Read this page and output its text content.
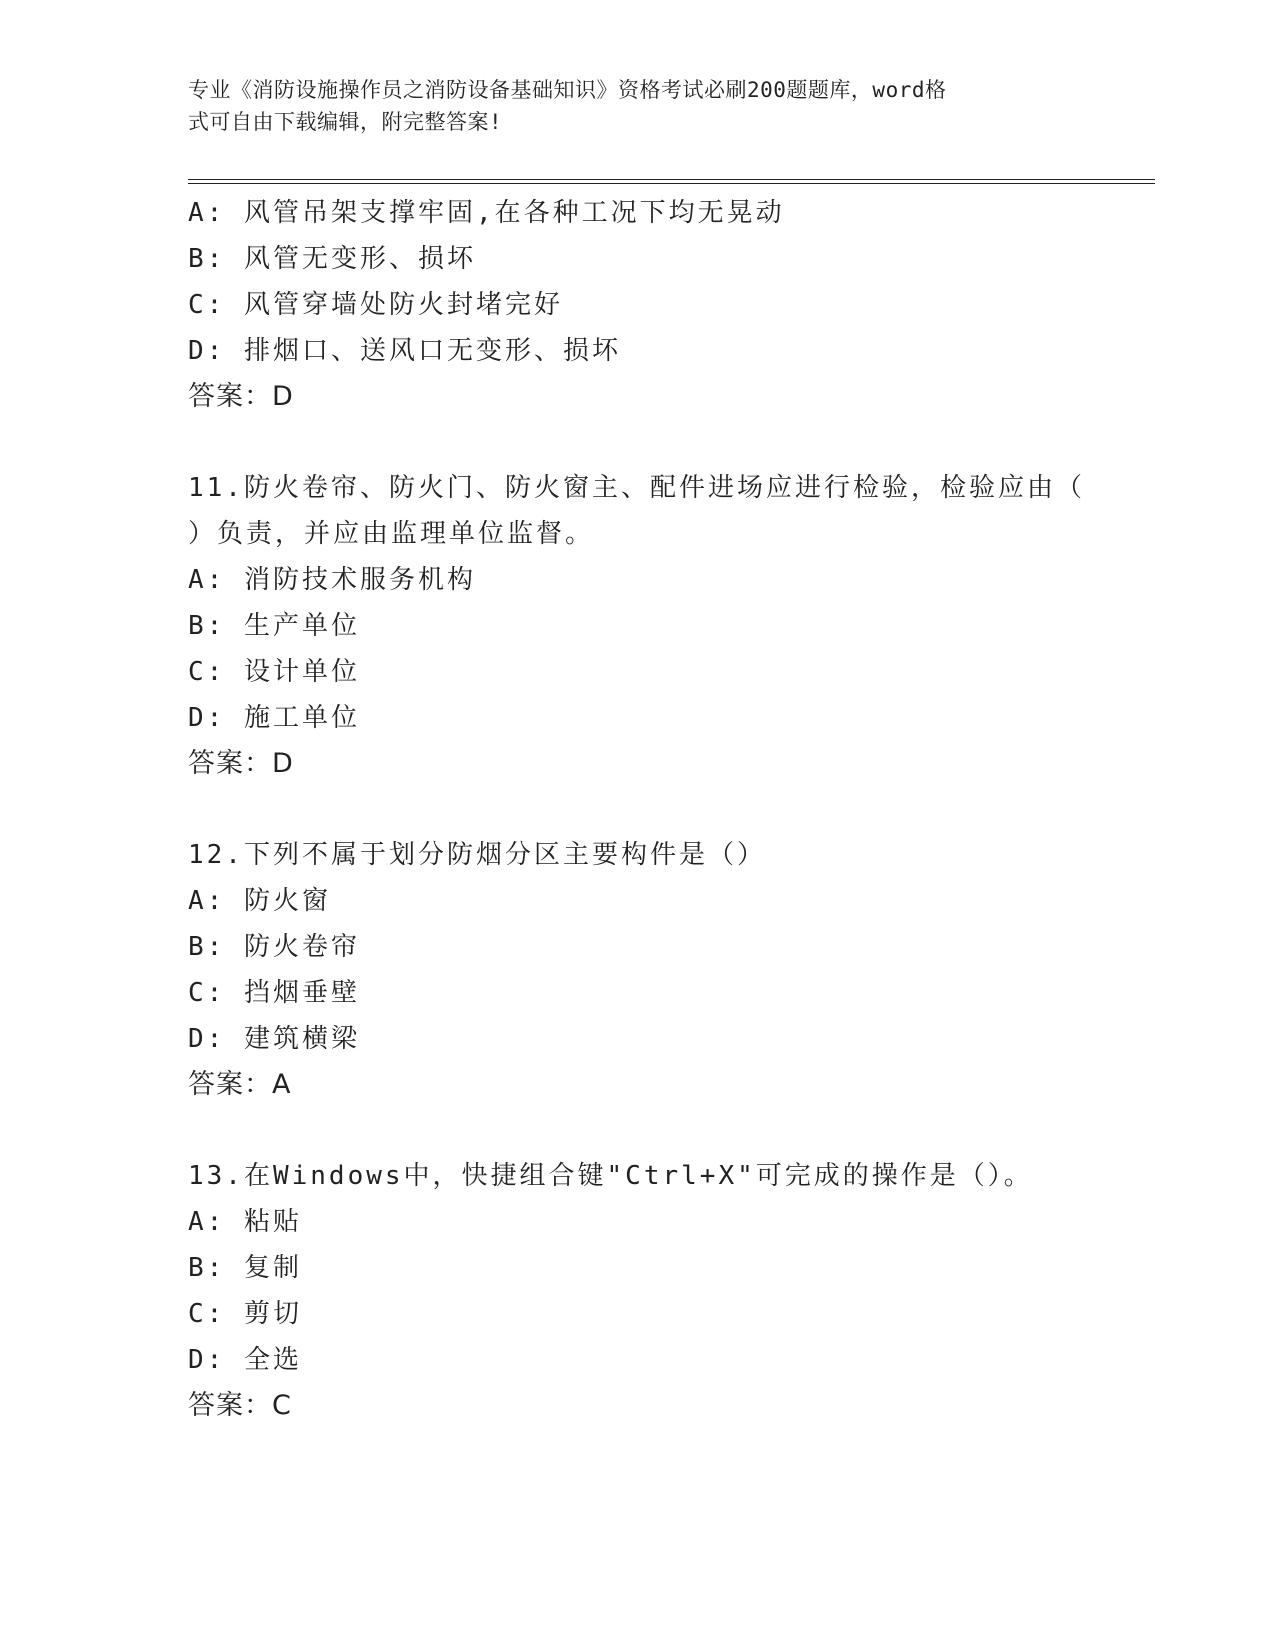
专业《消防设施操作员之消防设备基础知识》资格考试必刷200题题库，word格
式可自由下载编辑，附完整答案!
A: 风管吊架支撑牢固,在各种工况下均无晃动
B: 风管无变形、损坏
C: 风管穿墙处防火封堵完好
D: 排烟口、送风口无变形、损坏
答案：D
11.防火卷帘、防火门、防火窗主、配件进场应进行检验，检验应由（
）负责，并应由监理单位监督。
A: 消防技术服务机构
B: 生产单位
C: 设计单位
D: 施工单位
答案：D
12.下列不属于划分防烟分区主要构件是（）
A: 防火窗
B: 防火卷帘
C: 挡烟垂壁
D: 建筑横梁
答案：A
13.在Windows中，快捷组合键"Ctrl+X"可完成的操作是（）。
A: 粘贴
B: 复制
C: 剪切
D: 全选
答案：C
